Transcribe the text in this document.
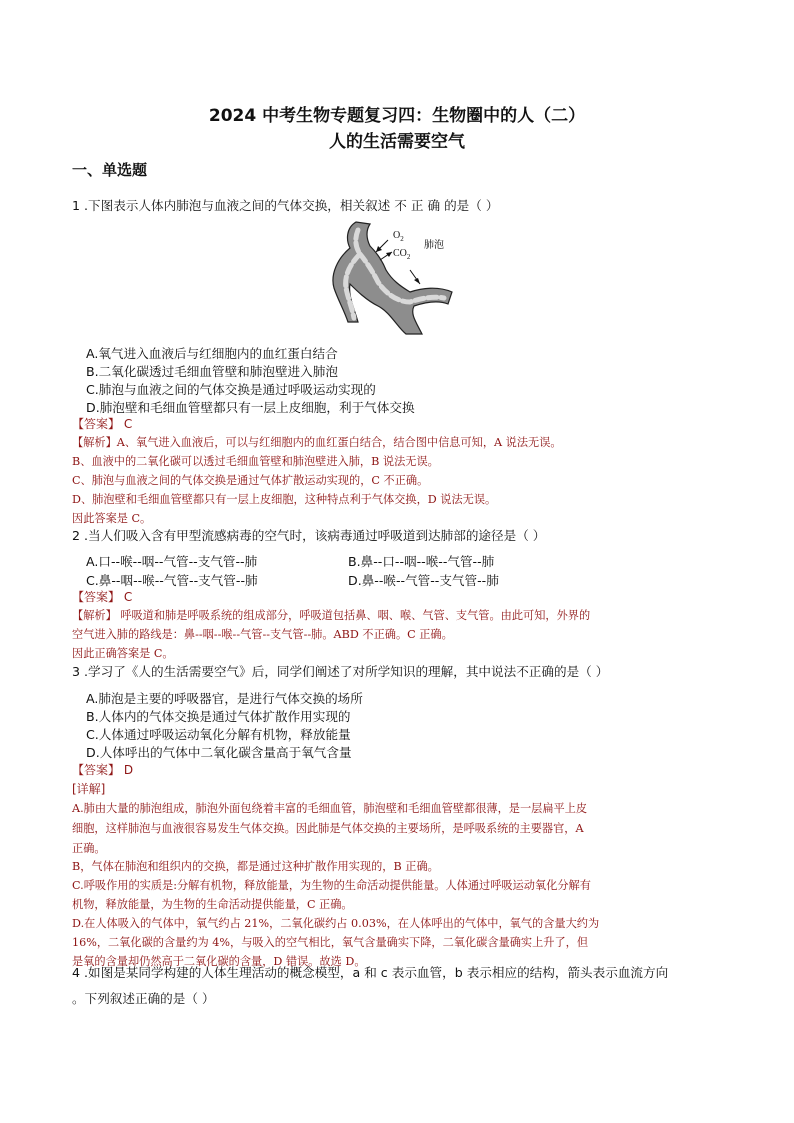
2024 中考生物专题复习四：生物圈中的人（二）
人的生活需要空气
一、单选题
1 .下图表示人体内肺泡与血液之间的气体交换，相关叙述 不 正 确 的是（ ）
$O_2$
$CO_2$
肺泡
A.氧气进入血液后与红细胞内的血红蛋白结合
B.二氧化碳透过毛细血管壁和肺泡壁进入肺泡
C.肺泡与血液之间的气体交换是通过呼吸运动实现的
D.肺泡壁和毛细血管壁都只有一层上皮细胞，利于气体交换
【答案】 C
【解析】A、氧气进入血液后，可以与红细胞内的血红蛋白结合，结合图中信息可知，A 说法无误。
B、血液中的二氧化碳可以透过毛细血管壁和肺泡壁进入肺，B 说法无误。
C、肺泡与血液之间的气体交换是通过气体扩散运动实现的，C 不正确。
D、肺泡壁和毛细血管壁都只有一层上皮细胞，这种特点利于气体交换，D 说法无误。
因此答案是 C。
2 .当人们吸入含有甲型流感病毒的空气时，该病毒通过呼吸道到达肺部的途径是（ ）
A.口--喉--咽--气管--支气管--肺	B.鼻--口--咽--喉--气管--肺
C.鼻--咽--喉--气管--支气管--肺	D.鼻--喉--气管--支气管--肺
【答案】 C
【解析】 呼吸道和肺是呼吸系统的组成部分，呼吸道包括鼻、咽、喉、气管、支气管。由此可知，外界的
空气进入肺的路线是：鼻--咽--喉--气管--支气管--肺。ABD 不正确。C 正确。
因此正确答案是 C。
3 .学习了《人的生活需要空气》后，同学们阐述了对所学知识的理解，其中说法不正确的是（ ）
A.肺泡是主要的呼吸器官，是进行气体交换的场所
B.人体内的气体交换是通过气体扩散作用实现的
C.人体通过呼吸运动氧化分解有机物，释放能量
D.人体呼出的气体中二氧化碳含量高于氧气含量
【答案】 D
[详解]
A.肺由大量的肺泡组成，肺泡外面包绕着丰富的毛细血管，肺泡壁和毛细血管壁都很薄，是一层扁平上皮
细胞，这样肺泡与血液很容易发生气体交换。因此肺是气体交换的主要场所，是呼吸系统的主要器官，A
正确。
B，气体在肺泡和组织内的交换，都是通过这种扩散作用实现的，B 正确。
C.呼吸作用的实质是:分解有机物，释放能量，为生物的生命活动提供能量。人体通过呼吸运动氧化分解有
机物，释放能量，为生物的生命活动提供能量，C 正确。
D.在人体吸入的气体中，氧气约占 21%，二氧化碳约占 0.03%，在人体呼出的气体中，氧气的含量大约为
16%，二氧化碳的含量约为 4%，与吸入的空气相比，氧气含量确实下降，二氧化碳含量确实上升了，但
是氧的含量却仍然高于二氧化碳的含量，D 错误。故选 D。
4 .如图是某同学构建的人体生理活动的概念模型，a 和 c 表示血管，b 表示相应的结构，箭头表示血流方向
。下列叙述正确的是（ ）
